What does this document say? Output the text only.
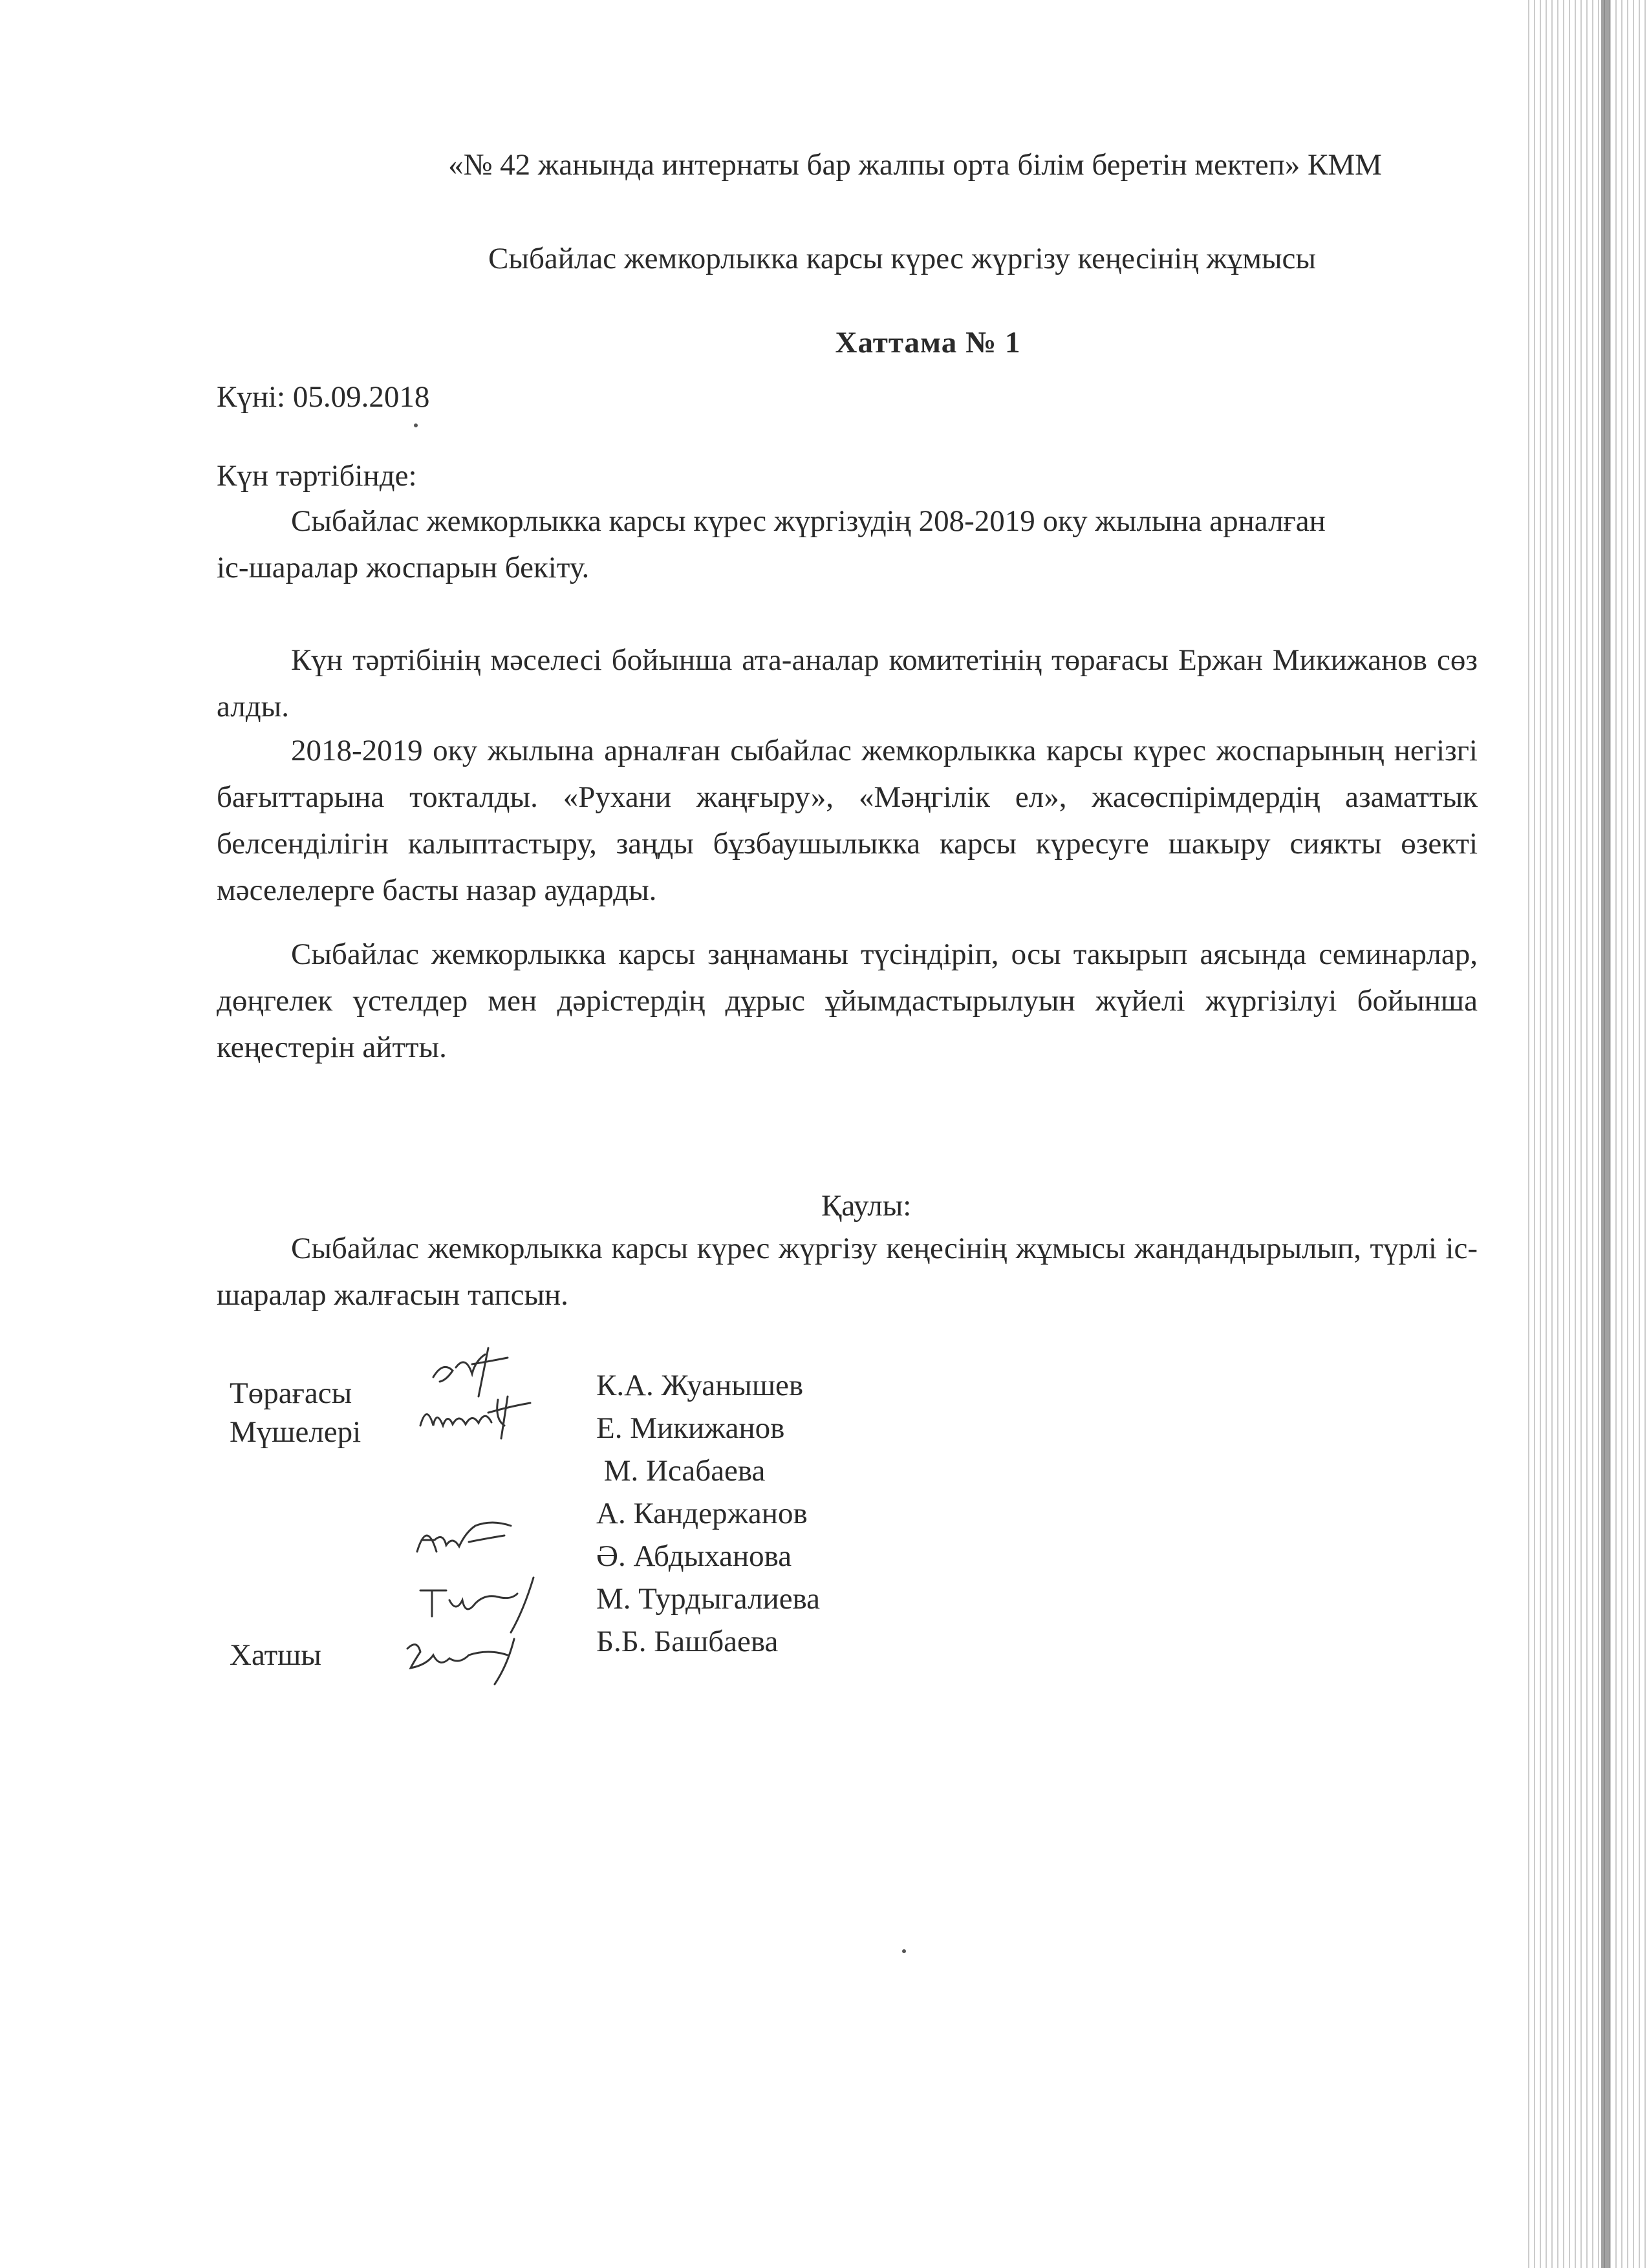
«№ 42 жанында интернаты бар жалпы орта білім беретін мектеп» КММ
Сыбайлас жемкорлыкка карсы күрес жүргізу кеңесінің жұмысы
Хаттама № 1
Күні: 05.09.2018
Күн тәртібінде:
Сыбайлас жемкорлыкка карсы күрес жүргізудің 208-2019 оку жылына арналған
іс-шаралар жоспарын бекіту.
Күн тәртібінің мәселесі бойынша ата-аналар комитетінің төрағасы Ержан Микижанов сөз алды.
2018-2019 оку жылына арналған сыбайлас жемкорлыкка карсы күрес жоспарының негізгі бағыттарына токталды. «Рухани жаңғыру», «Мәңгілік ел», жасөспірімдердің азаматтык белсенділігін калыптастыру, заңды бұзбаушылыкка карсы күресуге шакыру сиякты өзекті мәселелерге басты назар аударды.
Сыбайлас жемкорлыкка карсы заңнаманы түсіндіріп, осы такырып аясында семинарлар, дөңгелек үстелдер мен дәрістердің дұрыс ұйымдастырылуын жүйелі жүргізілуі бойынша кеңестерін айтты.
Қаулы:
Сыбайлас жемкорлыкка карсы күрес жүргізу кеңесінің жұмысы жандандырылып, түрлі іс-шаралар жалғасын тапсын.
Төрағасы
Мүшелері
Хатшы
К.А. Жуанышев
Е. Микижанов
М. Исабаева
А. Кандержанов
Ә. Абдыханова
М. Турдыгалиева
Б.Б. Башбаева
